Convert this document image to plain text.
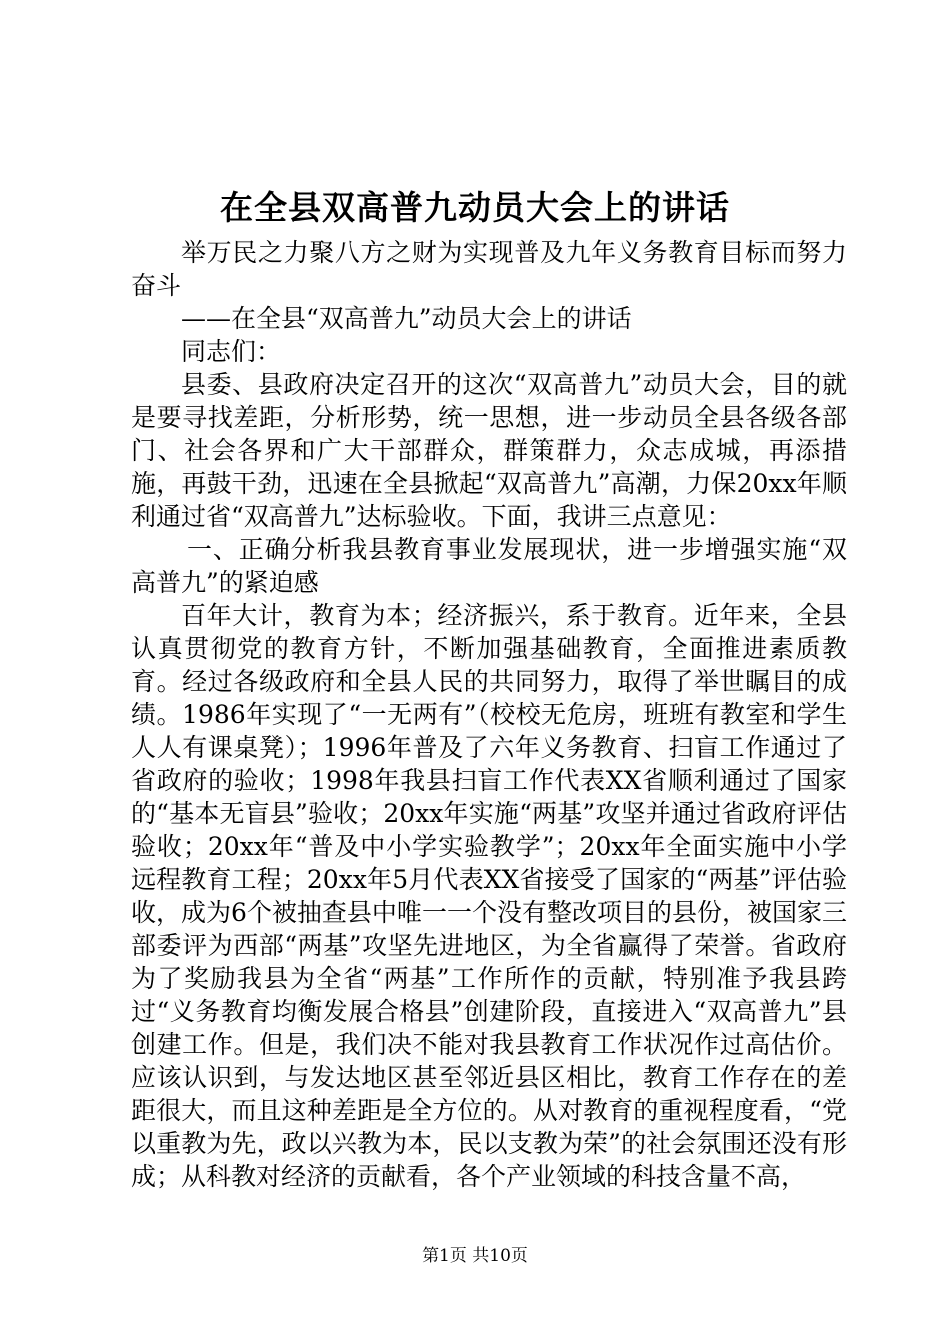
在全县双高普九动员大会上的讲话

举万民之力聚八方之财为实现普及九年义务教育目标而努力奋斗

——在全县“双高普九”动员大会上的讲话

同志们：

县委、县政府决定召开的这次“双高普九”动员大会，目的就是要寻找差距，分析形势，统一思想，进一步动员全县各级各部门、社会各界和广大干部群众，群策群力，众志成城，再添措施，再鼓干劲，迅速在全县掀起“双高普九”高潮，力保20xx年顺利通过省“双高普九”达标验收。下面，我讲三点意见：

一、正确分析我县教育事业发展现状，进一步增强实施“双高普九”的紧迫感

百年大计，教育为本；经济振兴，系于教育。近年来，全县认真贯彻党的教育方针，不断加强基础教育，全面推进素质教育。经过各级政府和全县人民的共同努力，取得了举世瞩目的成绩。1986年实现了“一无两有”（校校无危房，班班有教室和学生人人有课桌凳）；1996年普及了六年义务教育、扫盲工作通过了省政府的验收；1998年我县扫盲工作代表XX省顺利通过了国家的“基本无盲县”验收；20xx年实施“两基”攻坚并通过省政府评估验收；20xx年“普及中小学实验教学”；20xx年全面实施中小学远程教育工程；20xx年5月代表XX省接受了国家的“两基”评估验收，成为6个被抽查县中唯一一个没有整改项目的县份，被国家三部委评为西部“两基”攻坚先进地区，为全省赢得了荣誉。省政府为了奖励我县为全省“两基”工作所作的贡献，特别准予我县跨过“义务教育均衡发展合格县”创建阶段，直接进入“双高普九”县创建工作。但是，我们决不能对我县教育工作状况作过高估价。应该认识到，与发达地区甚至邻近县区相比，教育工作存在的差距很大，而且这种差距是全方位的。从对教育的重视程度看，“党以重教为先，政以兴教为本，民以支教为荣”的社会氛围还没有形成；从科教对经济的贡献看，各个产业领域的科技含量不高，

第1页 共10页
